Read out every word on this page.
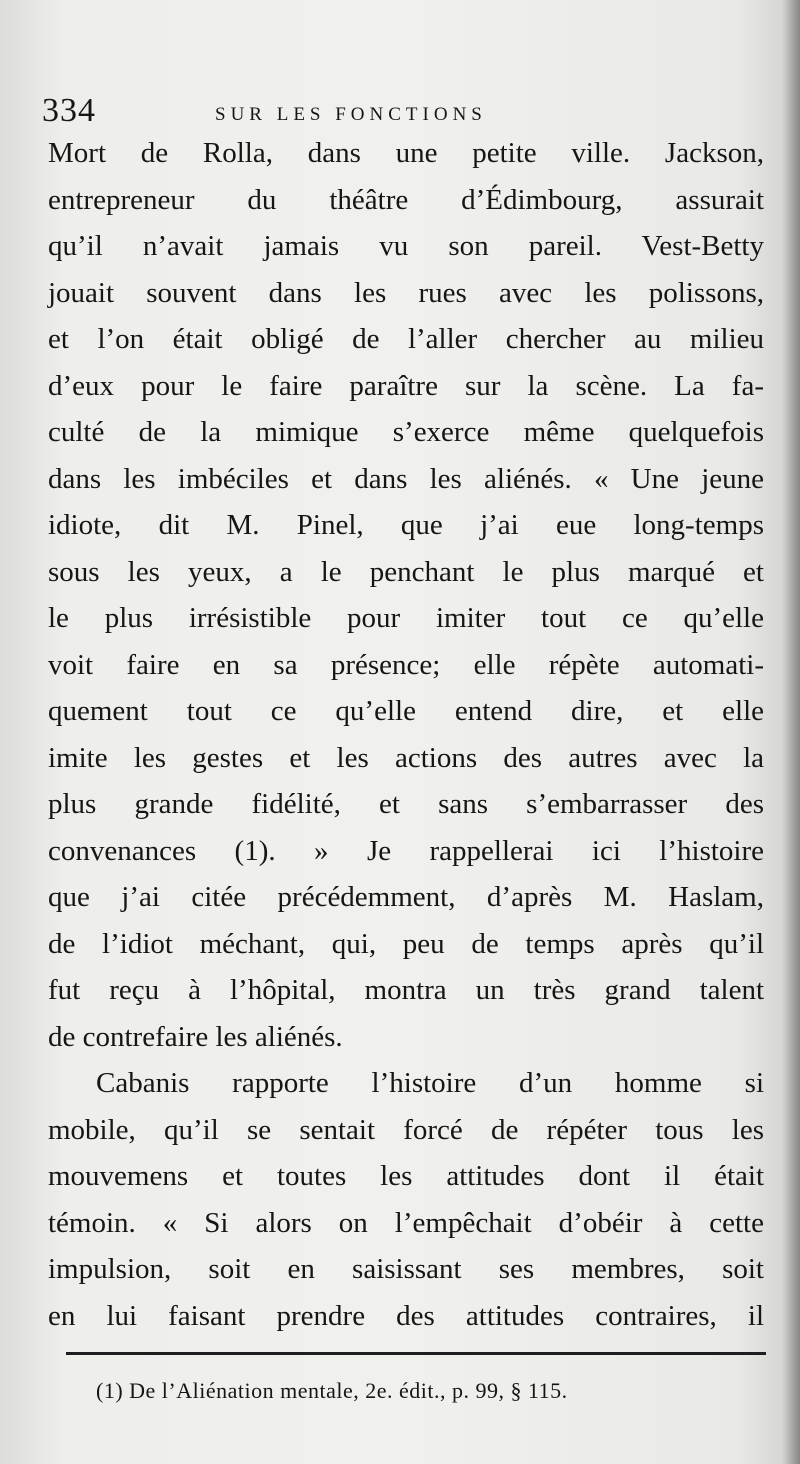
334	SUR LES FONCTIONS
Mort de Rolla, dans une petite ville. Jackson,
entrepreneur du théâtre d’Édimbourg, assurait
qu’il n’avait jamais vu son pareil. Vest-Betty
jouait souvent dans les rues avec les polissons,
et l’on était obligé de l’aller chercher au milieu
d’eux pour le faire paraître sur la scène. La fa-
culté de la mimique s’exerce même quelquefois
dans les imbéciles et dans les aliénés. « Une jeune
idiote, dit M. Pinel, que j’ai eue long-temps
sous les yeux, a le penchant le plus marqué et
le plus irrésistible pour imiter tout ce qu’elle
voit faire en sa présence; elle répète automati-
quement tout ce qu’elle entend dire, et elle
imite les gestes et les actions des autres avec la
plus grande fidélité, et sans s’embarrasser des
convenances (1). » Je rappellerai ici l’histoire
que j’ai citée précédemment, d’après M. Haslam,
de l’idiot méchant, qui, peu de temps après qu’il
fut reçu à l’hôpital, montra un très grand talent
de contrefaire les aliénés.
Cabanis rapporte l’histoire d’un homme si
mobile, qu’il se sentait forcé de répéter tous les
mouvemens et toutes les attitudes dont il était
témoin. « Si alors on l’empêchait d’obéir à cette
impulsion, soit en saisissant ses membres, soit
en lui faisant prendre des attitudes contraires, il
(1) De l’Aliénation mentale, 2e. édit., p. 99, § 115.
